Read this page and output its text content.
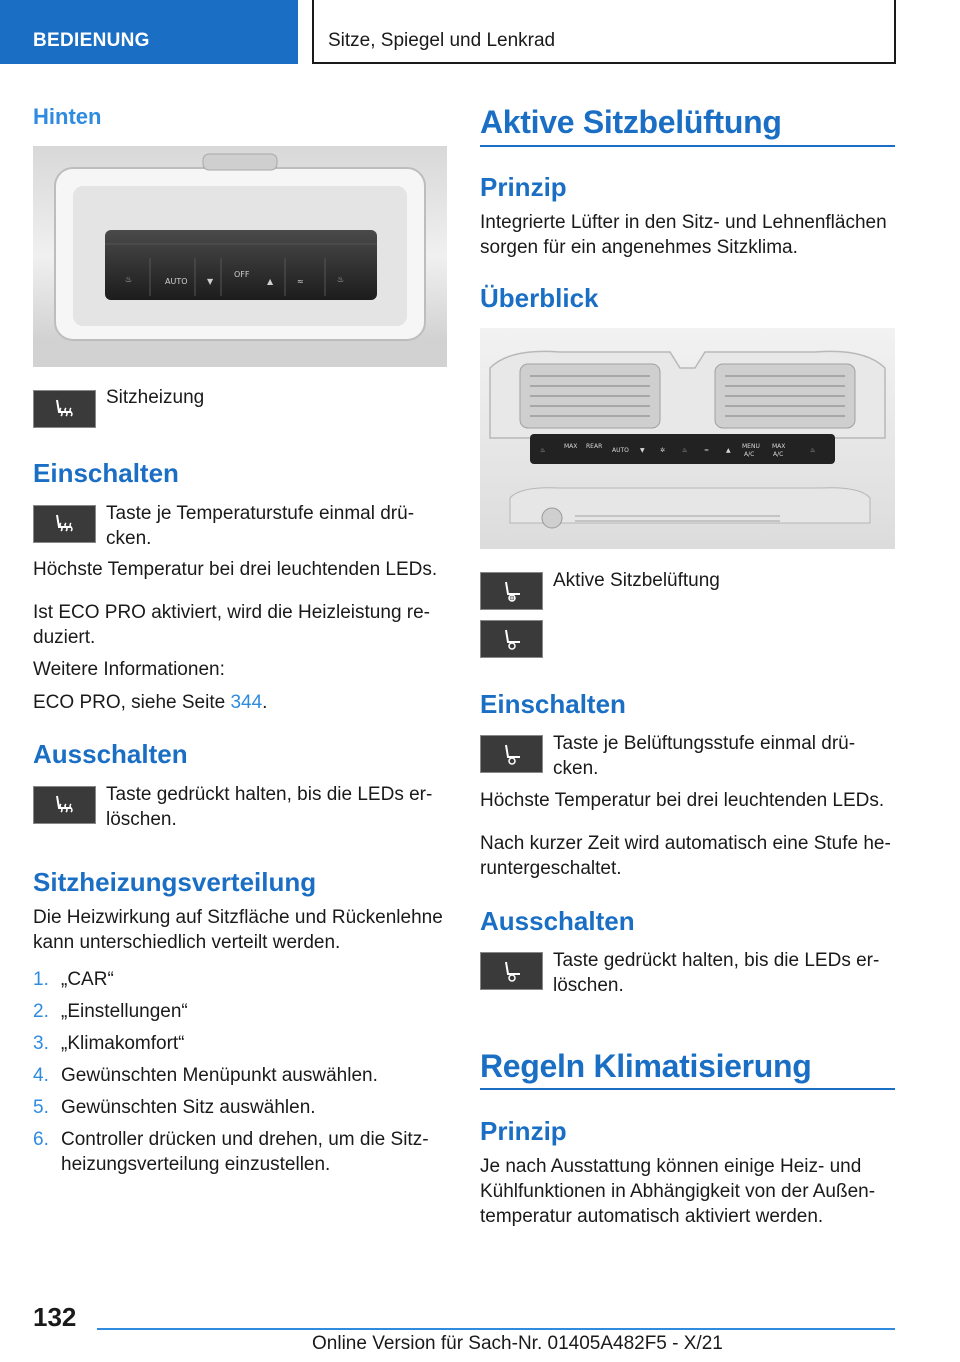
BEDIENUNG	Sitze, Spiegel und Lenkrad
Hinten
♨	AUTO ▼
OFF
▲	≈	♨
Sitzheizung
Einschalten
Taste je Temperaturstufe einmal drü-
cken.
Höchste Temperatur bei drei leuchtenden LEDs.
Ist ECO PRO aktiviert, wird die Heizleistung re-
duziert.
Weitere Informationen:
ECO PRO, siehe Seite 344.
Ausschalten
Taste gedrückt halten, bis die LEDs er-
löschen.
Sitzheizungsverteilung
Die Heizwirkung auf Sitzfläche und Rückenlehne
kann unterschiedlich verteilt werden.
1. „CAR“
2. „Einstellungen“
3. „Klimakomfort“
4. Gewünschten Menüpunkt auswählen.
5. Gewünschten Sitz auswählen.
6. Controller drücken und drehen, um die Sitz-
heizungsverteilung einzustellen.
Aktive Sitzbelüftung
Prinzip
Integrierte Lüfter in den Sitz- und Lehnenflächen
sorgen für ein angenehmes Sitzklima.
Überblick
♨
MAX REAR
AUTO ▼	✲	♨	≈	▲
MENU
A/C
MAX
A/C
♨
Aktive Sitzbelüftung
Einschalten
Taste je Belüftungsstufe einmal drü-
cken.
Höchste Temperatur bei drei leuchtenden LEDs.
Nach kurzer Zeit wird automatisch eine Stufe he-
runtergeschaltet.
Ausschalten
Taste gedrückt halten, bis die LEDs er-
löschen.
Regeln Klimatisierung
Prinzip
Je nach Ausstattung können einige Heiz- und
Kühlfunktionen in Abhängigkeit von der Außen-
temperatur automatisch aktiviert werden.
132
Online Version für Sach-Nr. 01405A482F5 - X/21
